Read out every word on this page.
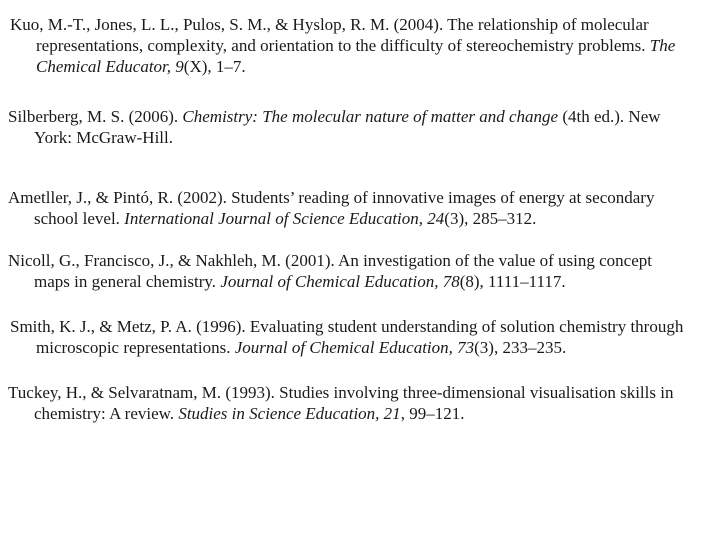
Kuo, M.-T., Jones, L. L., Pulos, S. M., & Hyslop, R. M. (2004). The relationship of molecular
representations, complexity, and orientation to the difficulty of stereochemistry problems. The
Chemical Educator, 9(X), 1–7.

Silberberg, M. S. (2006). Chemistry: The molecular nature of matter and change (4th ed.). New
York: McGraw-Hill.

Ametller, J., & Pintó, R. (2002). Students’ reading of innovative images of energy at secondary
school level. International Journal of Science Education, 24(3), 285–312.

Nicoll, G., Francisco, J., & Nakhleh, M. (2001). An investigation of the value of using concept
maps in general chemistry. Journal of Chemical Education, 78(8), 1111–1117.

Smith, K. J., & Metz, P. A. (1996). Evaluating student understanding of solution chemistry through
microscopic representations. Journal of Chemical Education, 73(3), 233–235.

Tuckey, H., & Selvaratnam, M. (1993). Studies involving three-dimensional visualisation skills in
chemistry: A review. Studies in Science Education, 21, 99–121.
